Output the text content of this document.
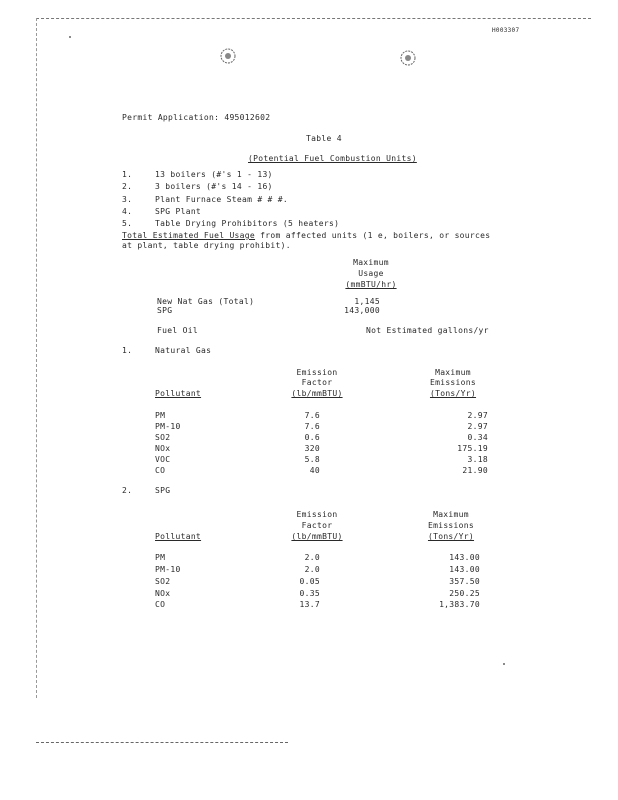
H003307
Permit Application: 495012602
Table 4
(Potential Fuel Combustion Units)
1.	13 boilers (#'s 1 - 13)
2.	3 boilers (#'s 14 - 16)
3.	Plant Furnace Steam # # #.
4.	SPG Plant
5.	Table Drying Prohibitors (5 heaters)
Total Estimated Fuel Usage from affected units (1 e, boilers, or sources
at plant, table drying prohibit).
Maximum
Usage
(mmBTU/hr)
New Nat Gas (Total)	1,145
SPG	143,000
Fuel Oil	Not Estimated gallons/yr
1.	Natural Gas
Emission
Factor
(lb/mmBTU)
Maximum
Emissions
(Tons/Yr)
Pollutant
PM	7.6	2.97
PM-10	7.6	2.97
SO2	0.6	0.34
NOx	320	175.19
VOC	5.8	3.18
CO	40	21.90
2.	SPG
Emission
Factor
(lb/mmBTU)
Maximum
Emissions
(Tons/Yr)
Pollutant
PM	2.0	143.00
PM-10	2.0	143.00
SO2	0.05	357.50
NOx	0.35	250.25
CO	13.7	1,383.70
